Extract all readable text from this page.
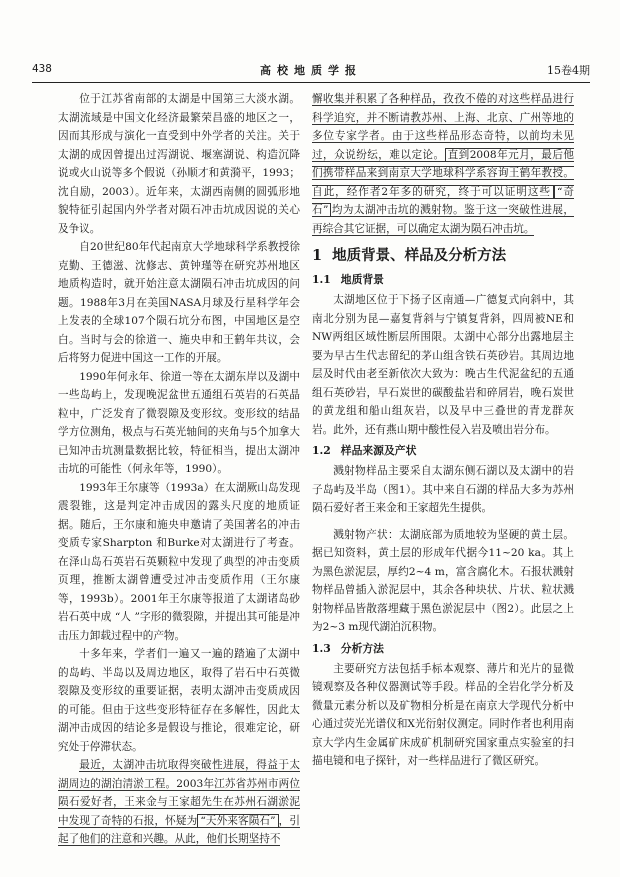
438	高校地质学报	15卷4期

位于江苏省南部的太湖是中国第三大淡水湖。太湖流域是中国文化经济最繁荣昌盛的地区之一，因而其形成与演化一直受到中外学者的关注。关于太湖的成因曾提出过泻湖说、堰塞湖说、构造沉降说或火山说等多个假说（孙顺才和黄漪平，1993；沈自励，2003）。近年来，太湖西南侧的圆弧形地貌特征引起国内外学者对陨石冲击坑成因说的关心及争议。

自20世纪80年代起南京大学地球科学系教授徐克勤、王德滋、沈修志、黄钟瑾等在研究苏州地区地质构造时，就开始注意太湖陨石冲击坑成因的问题。1988年3月在美国NASA月球及行星科学年会上发表的全球107个陨石坑分布图，中国地区是空白。当时与会的徐道一、施央申和王鹤年共议，会后将努力促进中国这一工作的开展。

1990年何永年、徐道一等在太湖东岸以及湖中一些岛屿上，发现晚泥盆世五通组石英岩的石英晶粒中，广泛发育了微裂隙及变形纹。变形纹的结晶学方位测角，极点与石英光轴间的夹角与5个加拿大已知冲击坑测量数据比较，特征相当，提出太湖冲击坑的可能性（何永年等，1990）。

1993年王尔康等（1993a）在太湖厥山岛发现震裂锥，这是判定冲击成因的露头尺度的地质证据。随后，王尔康和施央申邀请了美国著名的冲击变质专家Sharpton 和Burke对太湖进行了考查。在泽山岛石英岩石英颗粒中发现了典型的冲击变质页理，推断太湖曾遭受过冲击变质作用（王尔康等，1993b）。2001年王尔康等报道了太湖诸岛砂岩石英中成 “人 ”字形的微裂隙，并提出其可能是冲击压力卸载过程中的产物。

十多年来，学者们一遍又一遍的踏遍了太湖中的岛屿、半岛以及周边地区，取得了岩石中石英微裂隙及变形纹的重要证据，表明太湖冲击变质成因的可能。但由于这些变形特征存在多解性，因此太湖冲击成因的结论多是假设与推论，很难定论，研究处于停滞状态。

最近，太湖冲击坑取得突破性进展，得益于太湖周边的湖泊清淤工程。2003年江苏省苏州市两位陨石爱好者，王来金与王家超先生在苏州石湖淤泥中发现了奇特的石报，怀疑为 “天外来客陨石” ，引起了他们的注意和兴趣。从此，他们长期坚持不

懈收集并积累了各种样品，孜孜不倦的对这些样品进行科学追究，并不断请教苏州、上海、北京、广州等地的多位专家学者。由于这些样品形态奇特，以前均未见过，众说纷纭，难以定论。 直到2008年元月，最后他们携带样品来到南京大学地球科学系容询王鹤年教授。自此，经作者2年多的研究，终于可以证明这些 “奇石” 均为太湖冲击坑的溅射物。鉴于这一突破性进展，再综合其它证据，可以确定太湖为陨石冲击坑。

1 地质背景、样品及分析方法
1.1 地质背景

太湖地区位于下扬子区南通—广德复式向斜中，其南北分别为昆—嘉复背斜与宁镇复背斜，四周被NE和NW两组区域性断层所围限。太湖中心部分出露地层主要为早古生代志留纪的茅山组含铁石英砂岩。其周边地层及时代由老至新依次大致为：晚古生代泥盆纪的五通组石英砂岩，早石炭世的碳酸盐岩和碎屑岩，晚石炭世的黄龙组和船山组灰岩，以及早中三叠世的青龙群灰岩。此外，还有燕山期中酸性侵入岩及喷出岩分布。

1.2 样品来源及产状

溅射物样品主要采自太湖东侧石湖以及太湖中的岩子岛屿及半岛（图1）。其中来自石湖的样品大多为苏州陨石爱好者王来金和王家超先生提供。

溅射物产状：太湖底部为质地较为坚硬的黄土层。据已知资料，黄土层的形成年代据今11~20 ka。其上为黑色淤泥层，厚约2~4 m，富含腐化木。石报状溅射物样品曾插入淤泥层中，其余各种块状、片状、粒状溅射物样品皆散落埋藏于黑色淤泥层中（图2）。此层之上为2~3 m现代湖泊沉积物。

1.3 分析方法

主要研究方法包括手标本观察、薄片和光片的显微镜观察及各种仪器测试等手段。样品的全岩化学分析及微量元素分析以及矿物相分析是在南京大学现代分析中心通过荧光光谱仪和X光衍射仪测定。同时作者也利用南京大学内生金属矿床成矿机制研究国家重点实验室的扫描电镜和电子探针，对一些样品进行了微区研究。
